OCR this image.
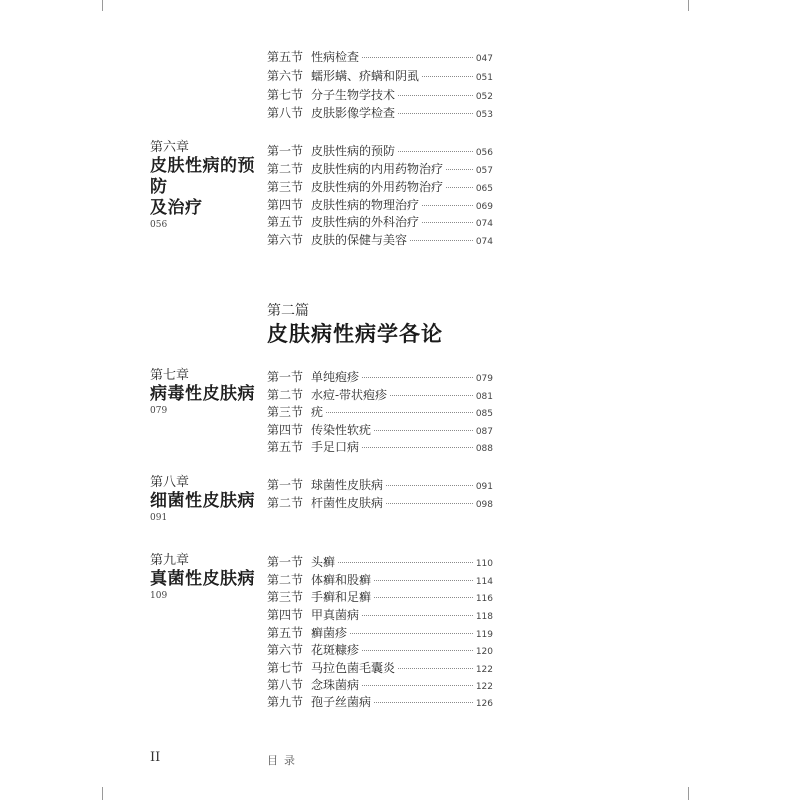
第五节 性病检查	047
第六节 蠕形螨、疥螨和阴虱	051
第七节 分子生物学技术	052
第八节 皮肤影像学检查	053
第六章
皮肤性病的预防
及治疗
056
第一节 皮肤性病的预防	056
第二节 皮肤性病的内用药物治疗	057
第三节 皮肤性病的外用药物治疗	065
第四节 皮肤性病的物理治疗	069
第五节 皮肤性病的外科治疗	074
第六节 皮肤的保健与美容	074
第二篇
皮肤病性病学各论
第七章
病毒性皮肤病
079
第一节 单纯疱疹	079
第二节 水痘-带状疱疹	081
第三节 疣	085
第四节 传染性软疣	087
第五节 手足口病	088
第八章
细菌性皮肤病
091
第一节 球菌性皮肤病	091
第二节 杆菌性皮肤病	098
第九章
真菌性皮肤病
109
第一节 头癣	110
第二节 体癣和股癣	114
第三节 手癣和足癣	116
第四节 甲真菌病	118
第五节 癣菌疹	119
第六节 花斑糠疹	120
第七节 马拉色菌毛囊炎	122
第八节 念珠菌病	122
第九节 孢子丝菌病	126
II	目录
